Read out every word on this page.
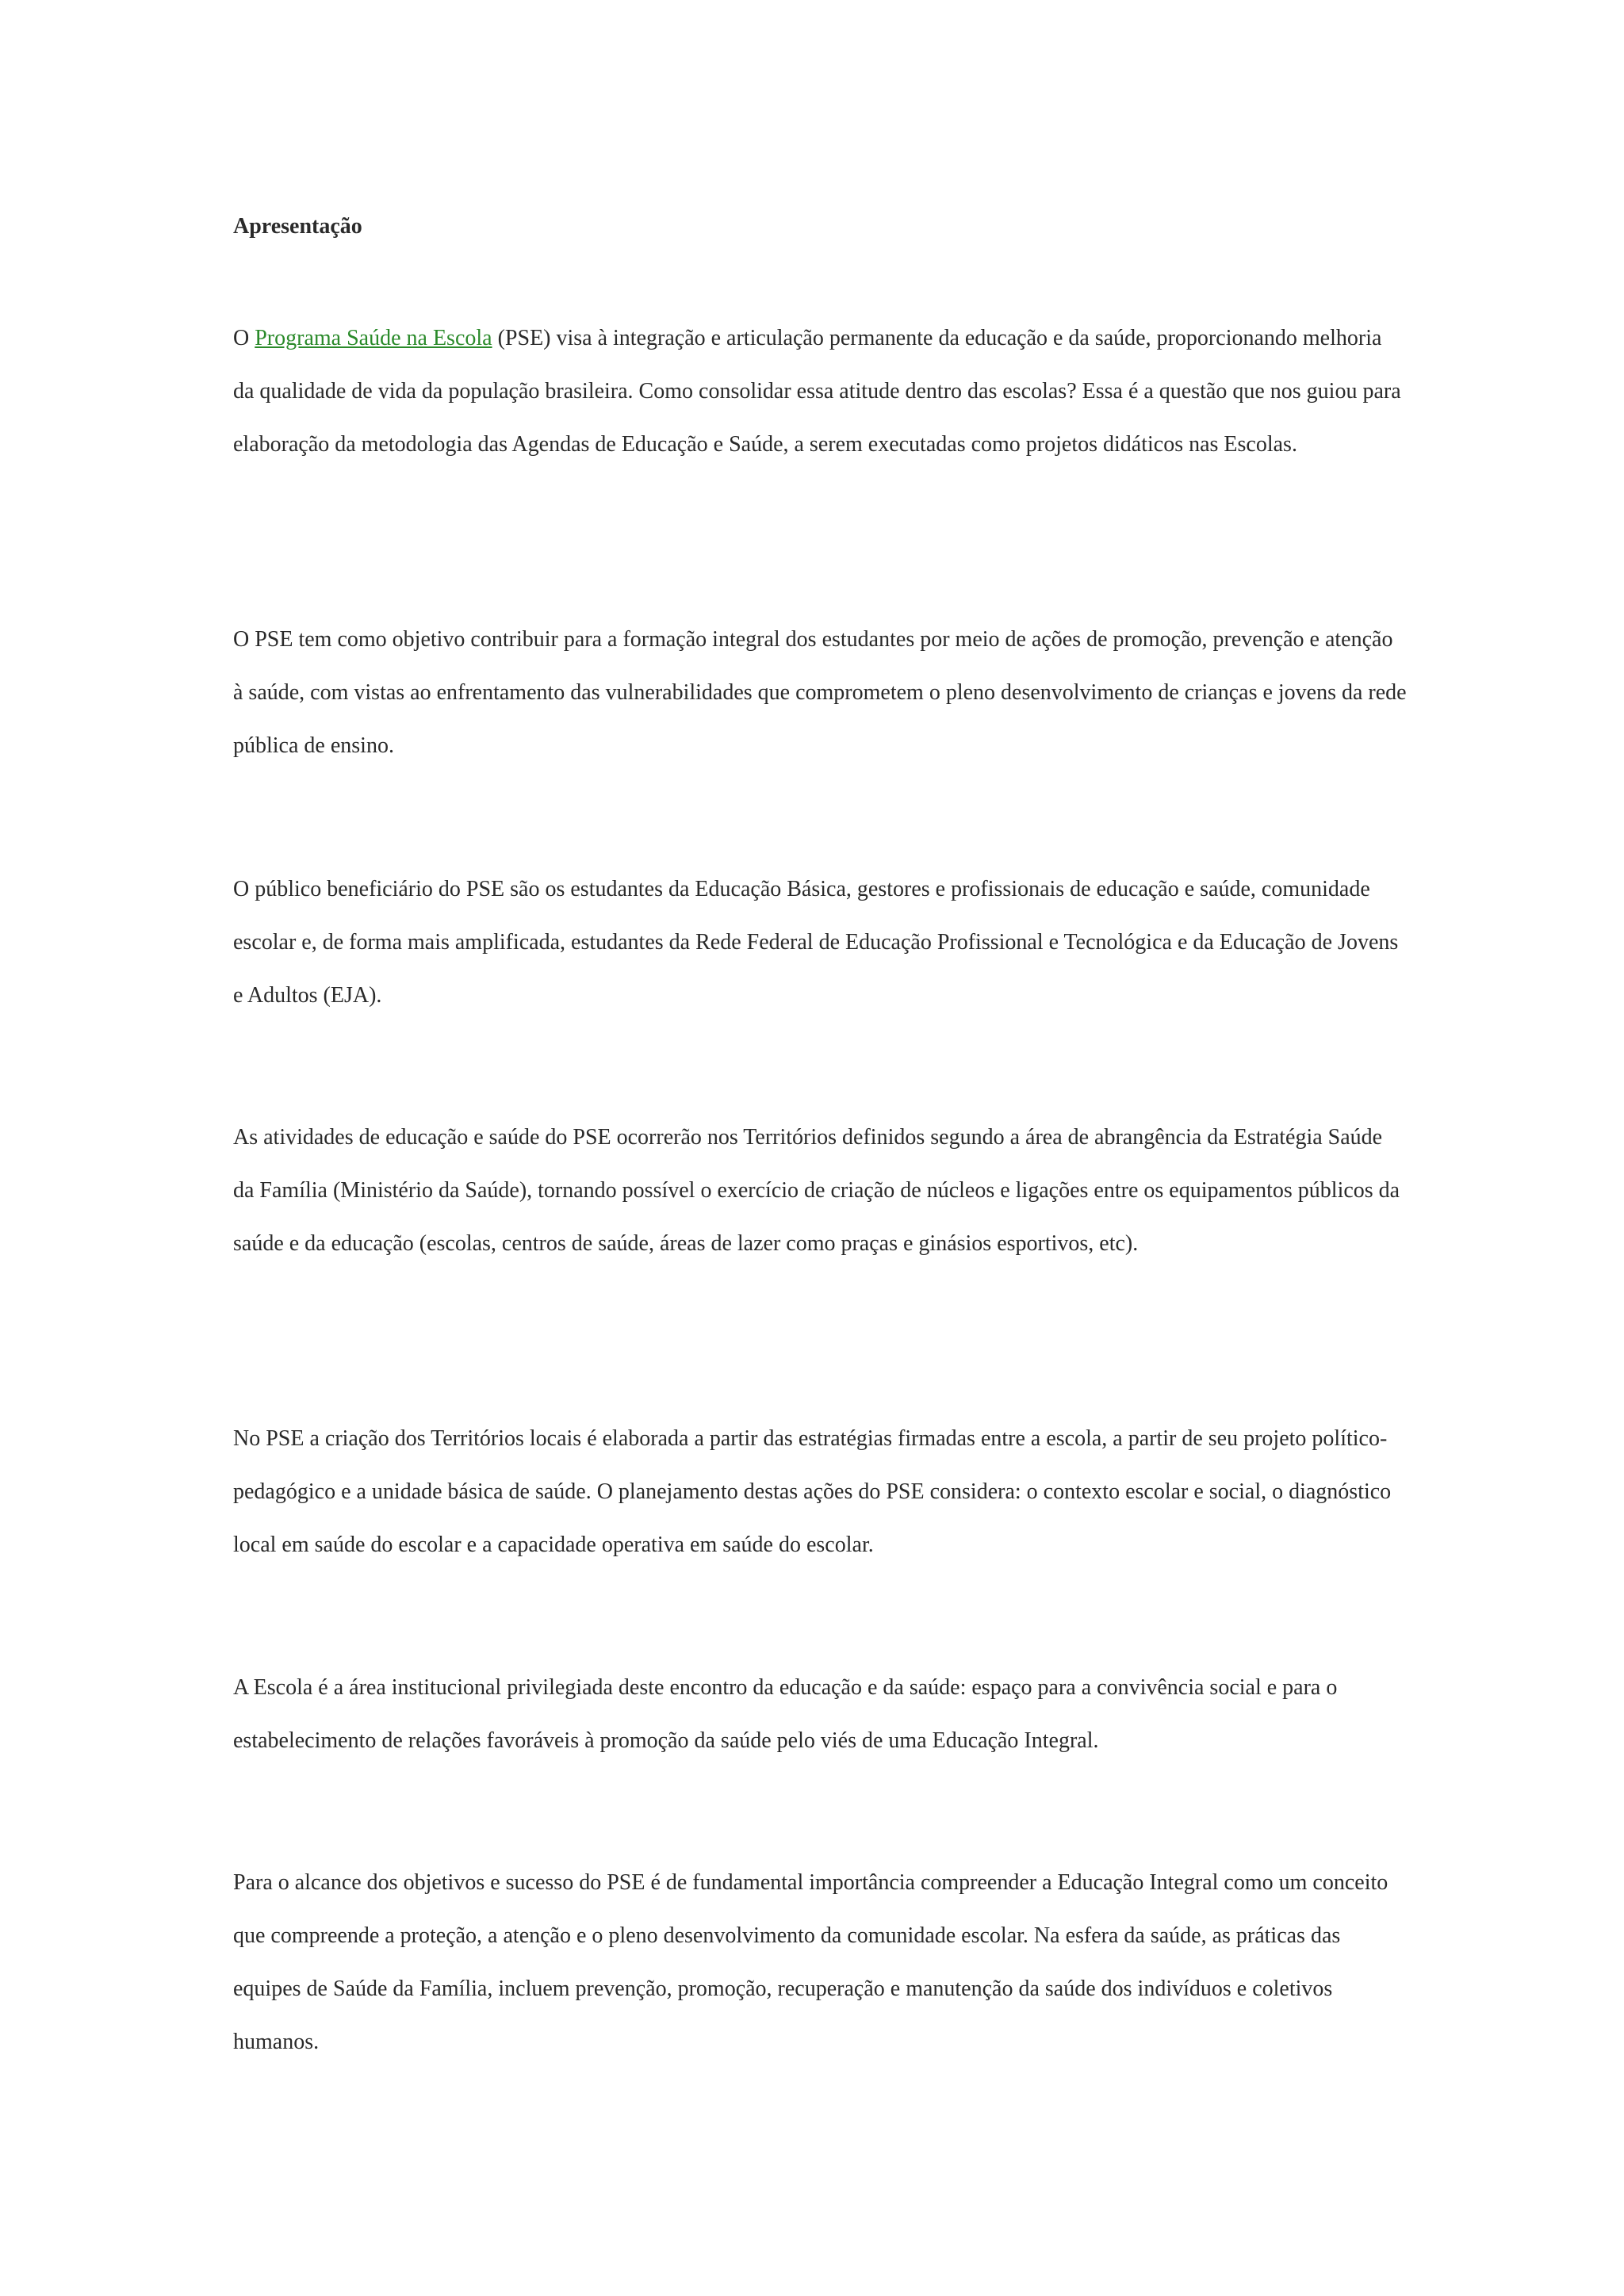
Apresentação

O Programa Saúde na Escola (PSE) visa à integração e articulação permanente da educação e da saúde, proporcionando melhoria da qualidade de vida da população brasileira. Como consolidar essa atitude dentro das escolas? Essa é a questão que nos guiou para elaboração da metodologia das Agendas de Educação e Saúde, a serem executadas como projetos didáticos nas Escolas.

O PSE tem como objetivo contribuir para a formação integral dos estudantes por meio de ações de promoção, prevenção e atenção à saúde, com vistas ao enfrentamento das vulnerabilidades que comprometem o pleno desenvolvimento de crianças e jovens da rede pública de ensino.

O público beneficiário do PSE são os estudantes da Educação Básica, gestores e profissionais de educação e saúde, comunidade escolar e, de forma mais amplificada, estudantes da Rede Federal de Educação Profissional e Tecnológica e da Educação de Jovens e Adultos (EJA).

As atividades de educação e saúde do PSE ocorrerão nos Territórios definidos segundo a área de abrangência da Estratégia Saúde da Família (Ministério da Saúde), tornando possível o exercício de criação de núcleos e ligações entre os equipamentos públicos da saúde e da educação (escolas, centros de saúde, áreas de lazer como praças e ginásios esportivos, etc).

No PSE a criação dos Territórios locais é elaborada a partir das estratégias firmadas entre a escola, a partir de seu projeto político-pedagógico e a unidade básica de saúde. O planejamento destas ações do PSE considera: o contexto escolar e social, o diagnóstico local em saúde do escolar e a capacidade operativa em saúde do escolar.

A Escola é a área institucional privilegiada deste encontro da educação e da saúde: espaço para a convivência social e para o estabelecimento de relações favoráveis à promoção da saúde pelo viés de uma Educação Integral.

Para o alcance dos objetivos e sucesso do PSE é de fundamental importância compreender a Educação Integral como um conceito que compreende a proteção, a atenção e o pleno desenvolvimento da comunidade escolar. Na esfera da saúde, as práticas das equipes de Saúde da Família, incluem prevenção, promoção, recuperação e manutenção da saúde dos indivíduos e coletivos humanos.
